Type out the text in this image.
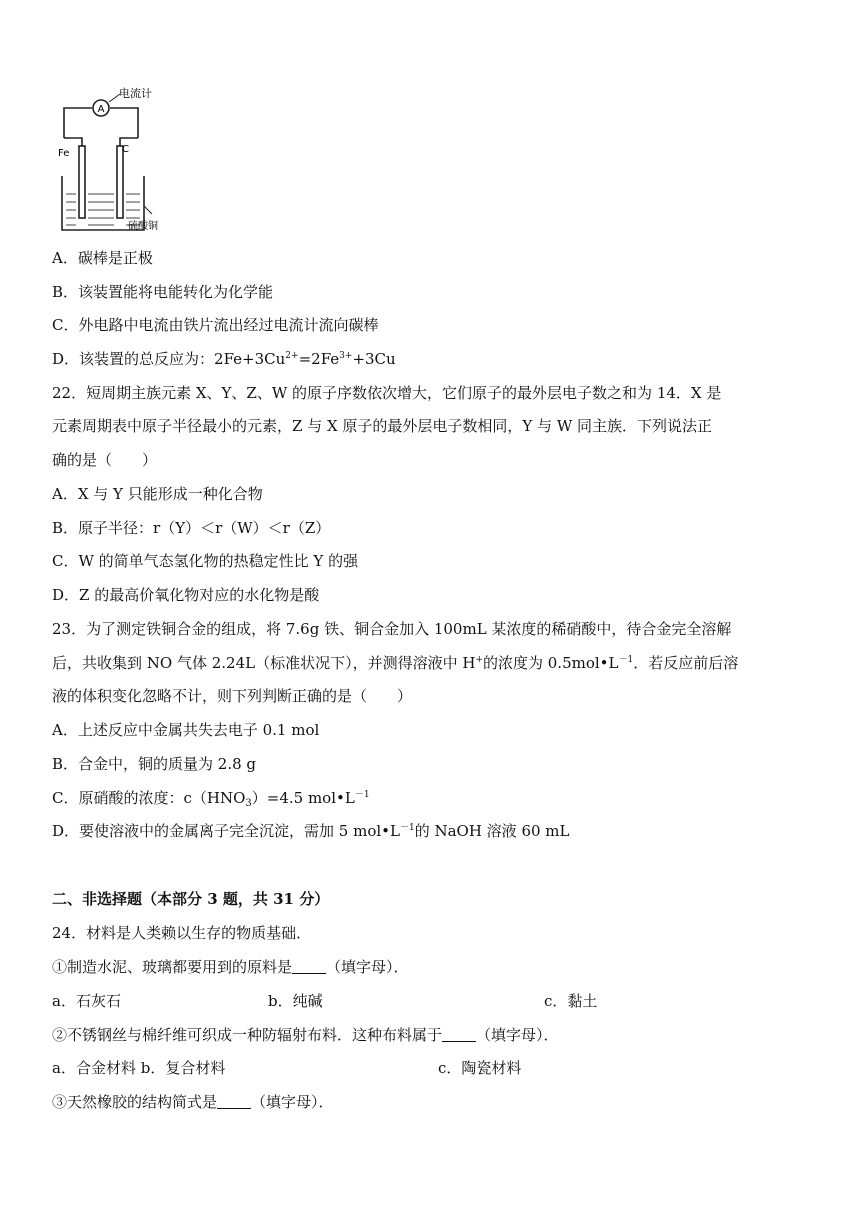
A
电流计
Fe	C
硫酸铜
A．碳棒是正极
B．该装置能将电能转化为化学能
C．外电路中电流由铁片流出经过电流计流向碳棒
D．该装置的总反应为：$2Fe+3Cu^{2+}=2Fe^{3+}+3Cu$
22．短周期主族元素 X、Y、Z、W 的原子序数依次增大，它们原子的最外层电子数之和为 14．X 是
元素周期表中原子半径最小的元素，Z 与 X 原子的最外层电子数相同，Y 与 W 同主族．下列说法正
确的是（　　）
A．X 与 Y 只能形成一种化合物
B．原子半径：r（Y）＜r（W）＜r（Z）
C．W 的简单气态氢化物的热稳定性比 Y 的强
D．Z 的最高价氧化物对应的水化物是酸
23．为了测定铁铜合金的组成，将 7.6g 铁、铜合金加入 100mL 某浓度的稀硝酸中，待合金完全溶解
后，共收集到 NO 气体 2.24L（标准状况下），并测得溶液中 H+的浓度为 $0.5mol•L^{-1}$．若反应前后溶
液的体积变化忽略不计，则下列判断正确的是（　　）
A．上述反应中金属共失去电子 0.1 mol
B．合金中，铜的质量为 2.8 g
C．原硝酸的浓度：$c(HNO_3)=4.5$ $mol•L^{-1}$
D．要使溶液中的金属离子完全沉淀，需加 5 $mol•L^{-1}$的 NaOH 溶液 60 mL
二、非选择题（本部分 3 题，共 31 分）
24．材料是人类赖以生存的物质基础．
①制造水泥、玻璃都要用到的原料是 （填字母）．
a．石灰石	b．纯碱	c．黏土
②不锈钢丝与棉纤维可织成一种防辐射布料．这种布料属于 （填字母）．
a．合金材料 b．复合材料	c．陶瓷材料
③天然橡胶的结构简式是 （填字母）．
